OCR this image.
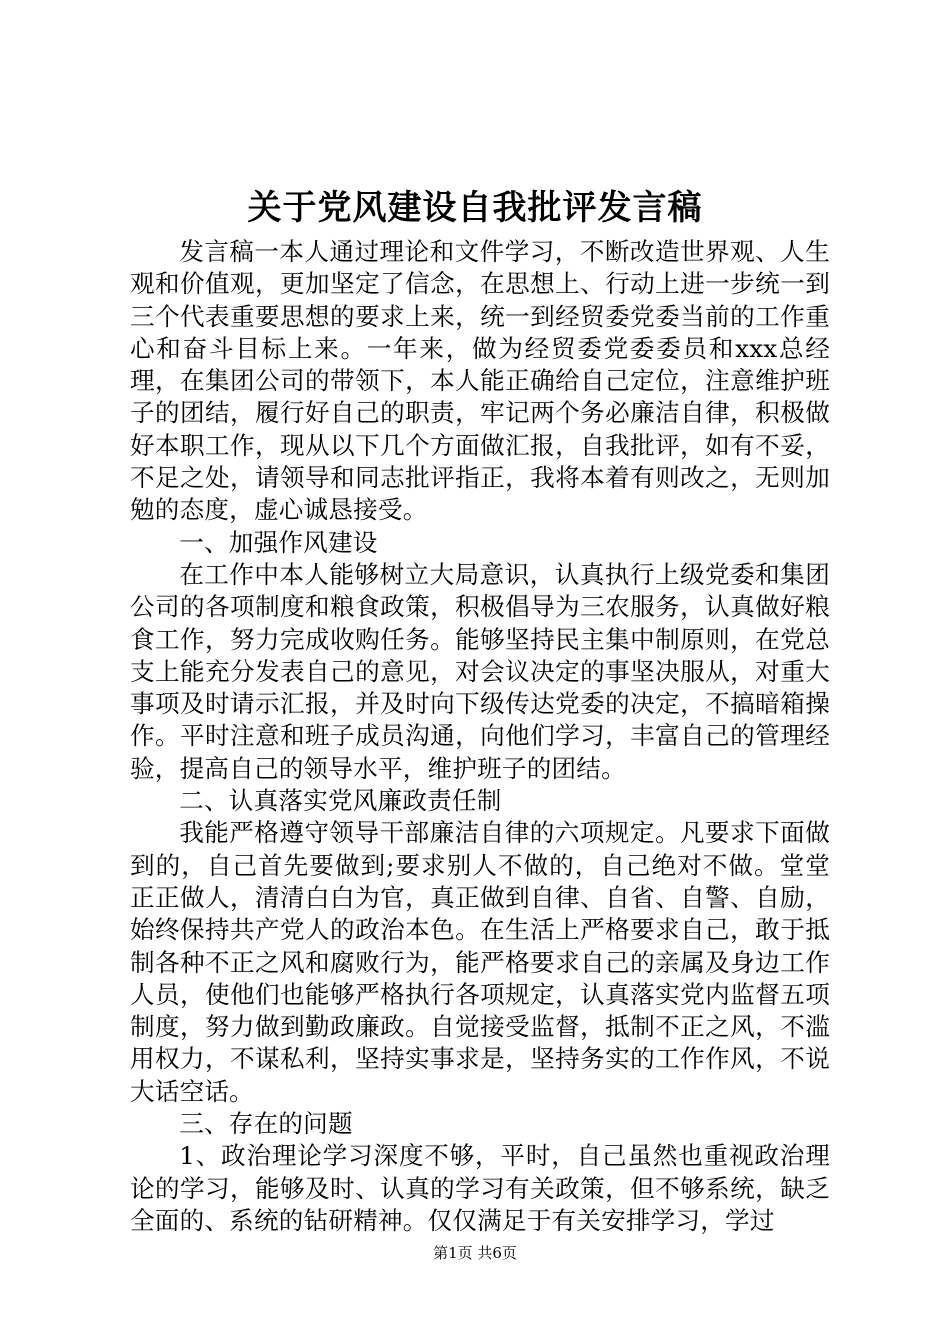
关于党风建设自我批评发言稿

发言稿一本人通过理论和文件学习，不断改造世界观、人生观和价值观，更加坚定了信念，在思想上、行动上进一步统一到三个代表重要思想的要求上来，统一到经贸委党委当前的工作重心和奋斗目标上来。一年来，做为经贸委党委委员和xxx总经理，在集团公司的带领下，本人能正确给自己定位，注意维护班子的团结，履行好自己的职责，牢记两个务必廉洁自律，积极做好本职工作，现从以下几个方面做汇报，自我批评，如有不妥，不足之处，请领导和同志批评指正，我将本着有则改之，无则加勉的态度，虚心诚恳接受。

一、加强作风建设

在工作中本人能够树立大局意识，认真执行上级党委和集团公司的各项制度和粮食政策，积极倡导为三农服务，认真做好粮食工作，努力完成收购任务。能够坚持民主集中制原则，在党总支上能充分发表自己的意见，对会议决定的事坚决服从，对重大事项及时请示汇报，并及时向下级传达党委的决定，不搞暗箱操作。平时注意和班子成员沟通，向他们学习，丰富自己的管理经验，提高自己的领导水平，维护班子的团结。

二、认真落实党风廉政责任制

我能严格遵守领导干部廉洁自律的六项规定。凡要求下面做到的，自己首先要做到;要求别人不做的，自己绝对不做。堂堂正正做人，清清白白为官，真正做到自律、自省、自警、自励，始终保持共产党人的政治本色。在生活上严格要求自己，敢于抵制各种不正之风和腐败行为，能严格要求自己的亲属及身边工作人员，使他们也能够严格执行各项规定，认真落实党内监督五项制度，努力做到勤政廉政。自觉接受监督，抵制不正之风，不滥用权力，不谋私利，坚持实事求是，坚持务实的工作作风，不说大话空话。

三、存在的问题

1、政治理论学习深度不够，平时，自己虽然也重视政治理论的学习，能够及时、认真的学习有关政策，但不够系统，缺乏全面的、系统的钻研精神。仅仅满足于有关安排学习，学过

第1页 共6页
